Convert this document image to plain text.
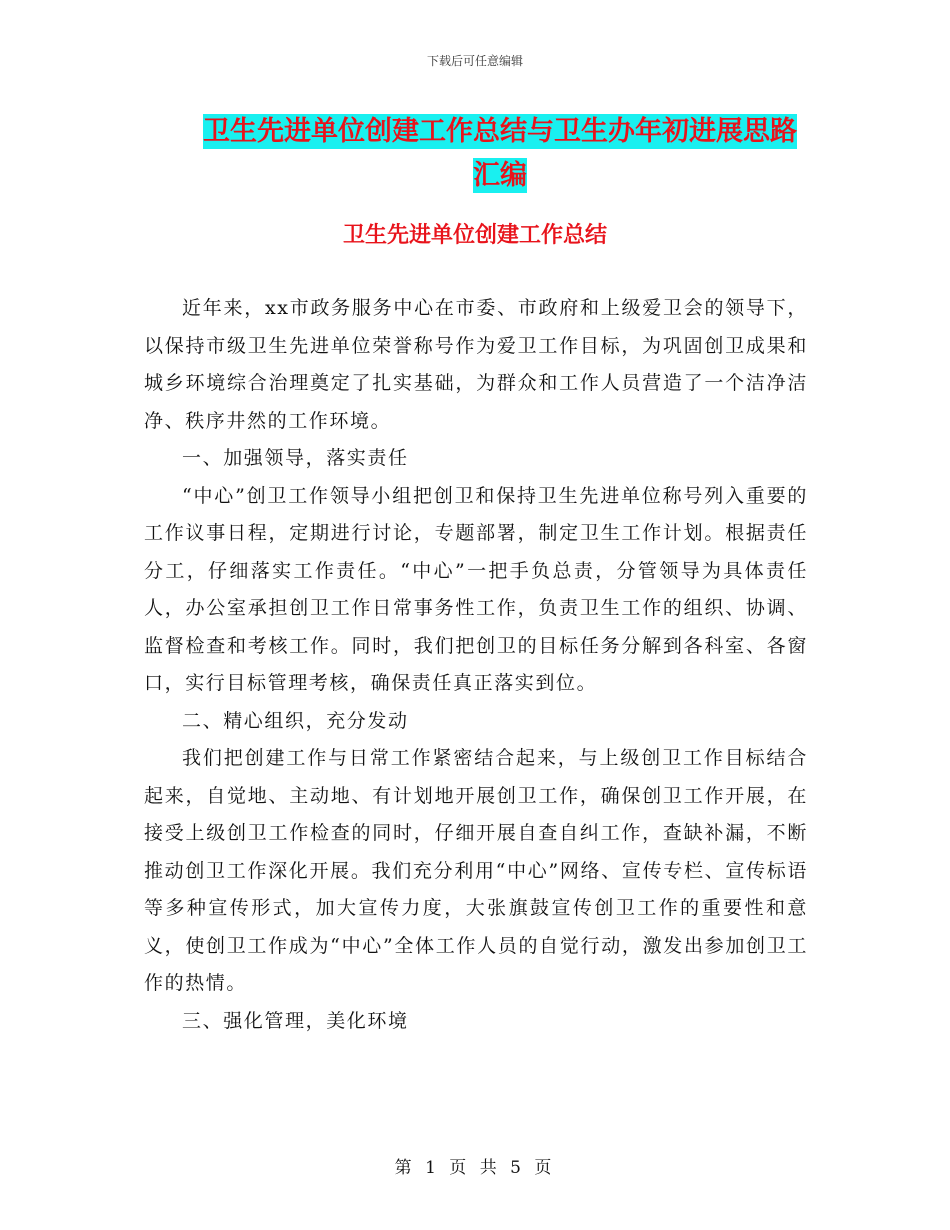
下载后可任意编辑
卫生先进单位创建工作总结与卫生办年初进展思路汇编
卫生先进单位创建工作总结

近年来，xx市政务服务中心在市委、市政府和上级爱卫会的领导下，以保持市级卫生先进单位荣誉称号作为爱卫工作目标，为巩固创卫成果和城乡环境综合治理奠定了扎实基础，为群众和工作人员营造了一个洁净洁净、秩序井然的工作环境。

一、加强领导，落实责任

“中心”创卫工作领导小组把创卫和保持卫生先进单位称号列入重要的工作议事日程，定期进行讨论，专题部署，制定卫生工作计划。根据责任分工，仔细落实工作责任。“中心”一把手负总责，分管领导为具体责任人，办公室承担创卫工作日常事务性工作，负责卫生工作的组织、协调、监督检查和考核工作。同时，我们把创卫的目标任务分解到各科室、各窗口，实行目标管理考核，确保责任真正落实到位。

二、精心组织，充分发动

我们把创建工作与日常工作紧密结合起来，与上级创卫工作目标结合起来，自觉地、主动地、有计划地开展创卫工作，确保创卫工作开展，在接受上级创卫工作检查的同时，仔细开展自查自纠工作，查缺补漏，不断推动创卫工作深化开展。我们充分利用“中心”网络、宣传专栏、宣传标语等多种宣传形式，加大宣传力度，大张旗鼓宣传创卫工作的重要性和意义，使创卫工作成为“中心”全体工作人员的自觉行动，激发出参加创卫工作的热情。

三、强化管理，美化环境

第 1 页 共 5 页
